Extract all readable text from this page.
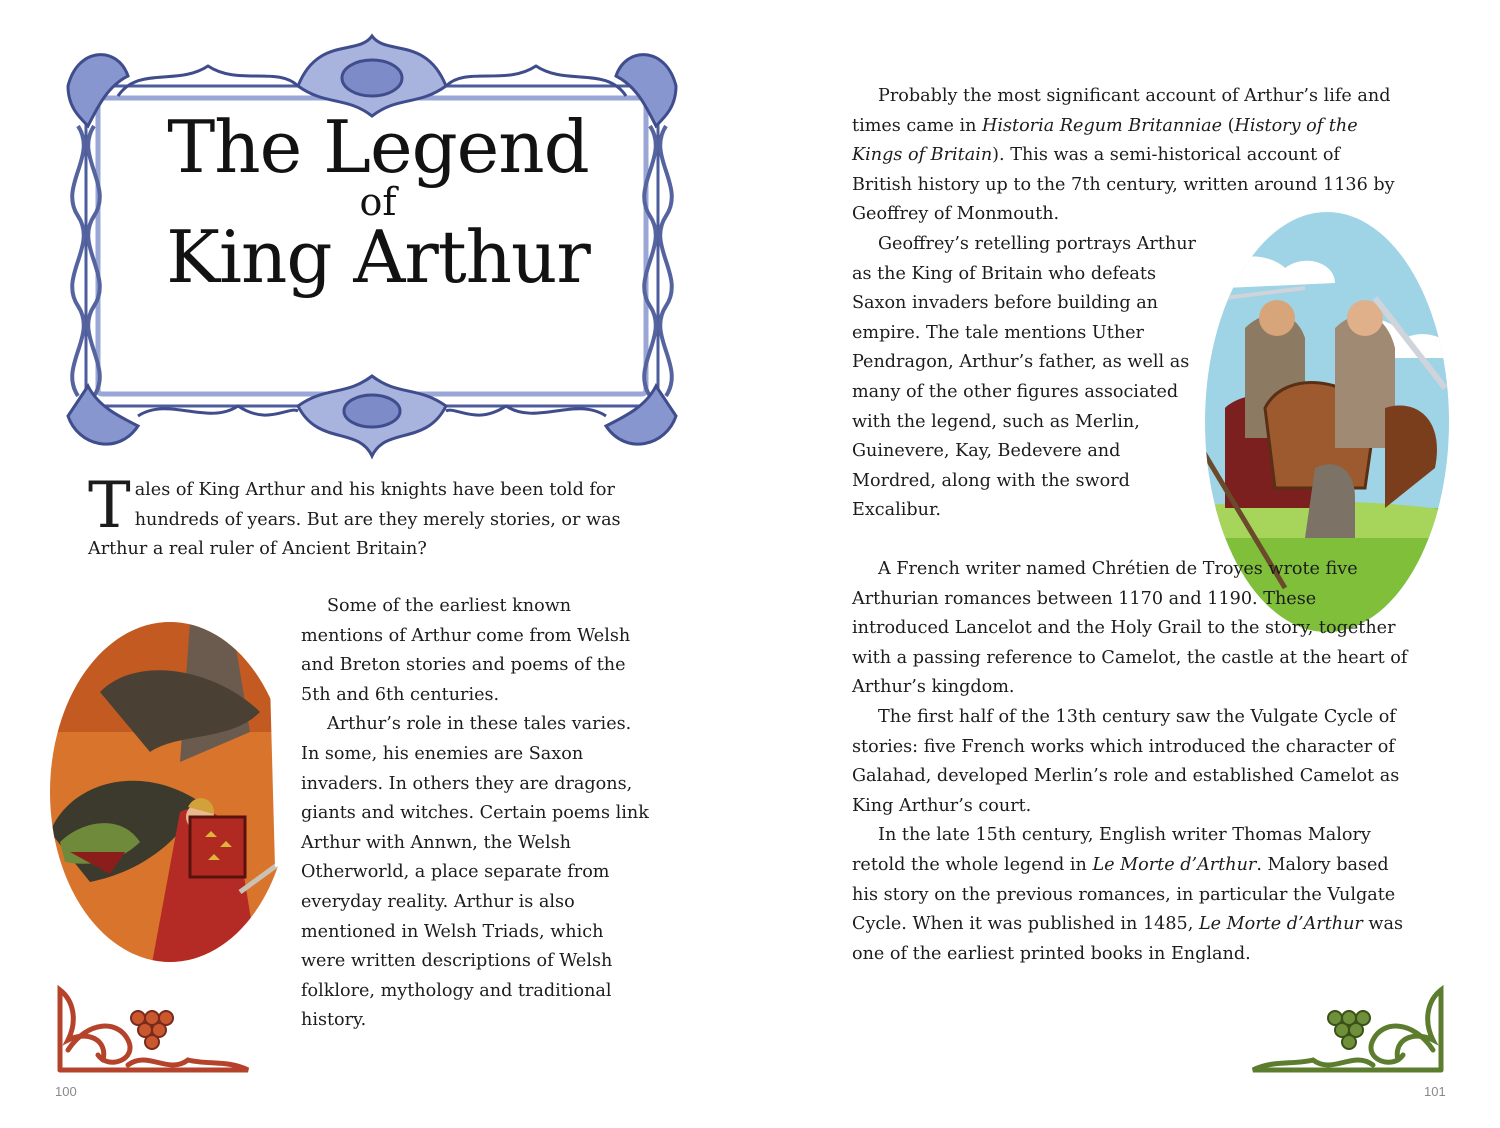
The Legend
of
King Arthur
Tales of King Arthur and his knights have been told for hundreds of years. But are they merely stories, or was Arthur a real ruler of Ancient Britain?

Some of the earliest known mentions of Arthur come from Welsh and Breton stories and poems of the 5th and 6th centuries.

Arthur’s role in these tales varies. In some, his enemies are Saxon invaders. In others they are dragons, giants and witches. Certain poems link Arthur with Annwn, the Welsh Otherworld, a place separate from everyday reality. Arthur is also mentioned in Welsh Triads, which were written descriptions of Welsh folklore, mythology and traditional history.

100

Probably the most significant account of Arthur’s life and times came in Historia Regum Britanniae (History of the Kings of Britain). This was a semi-historical account of British history up to the 7th century, written around 1136 by Geoffrey of Monmouth.

Geoffrey’s retelling portrays Arthur as the King of Britain who defeats Saxon invaders before building an empire. The tale mentions Uther Pendragon, Arthur’s father, as well as many of the other figures associated with the legend, such as Merlin, Guinevere, Kay, Bedevere and Mordred, along with the sword Excalibur.

A French writer named Chrétien de Troyes wrote five Arthurian romances between 1170 and 1190. These introduced Lancelot and the Holy Grail to the story, together with a passing reference to Camelot, the castle at the heart of Arthur’s kingdom.

The first half of the 13th century saw the Vulgate Cycle of stories: five French works which introduced the character of Galahad, developed Merlin’s role and established Camelot as King Arthur’s court.

In the late 15th century, English writer Thomas Malory retold the whole legend in Le Morte d’Arthur. Malory based his story on the previous romances, in particular the Vulgate Cycle. When it was published in 1485, Le Morte d’Arthur was one of the earliest printed books in England.

101
